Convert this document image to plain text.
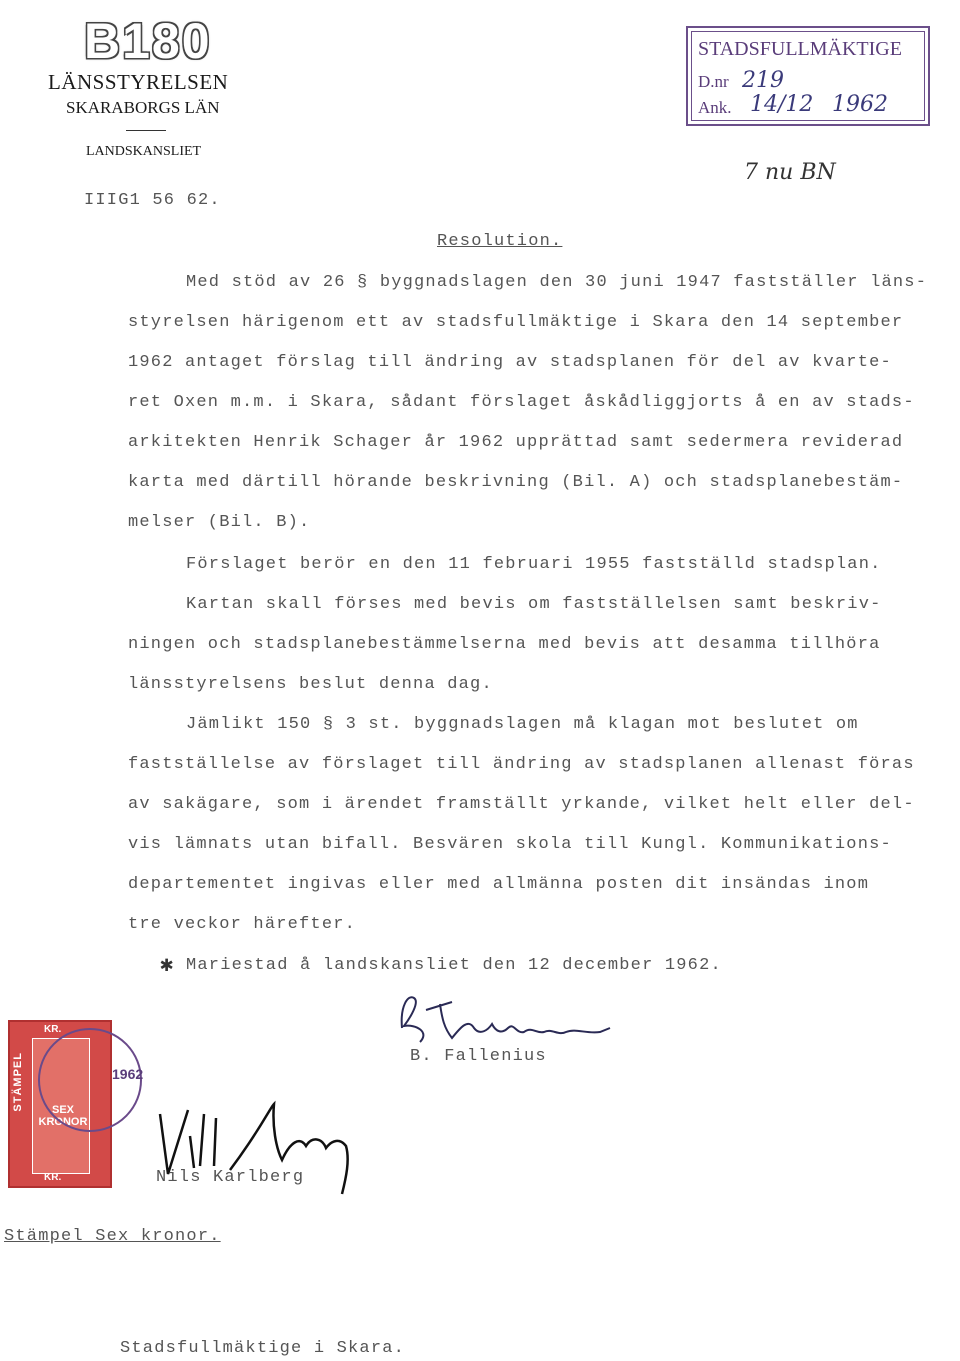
B180
LÄNSSTYRELSEN
SKARABORGS LÄN
LANDSKANSLIET
IIIG1 56 62.
STADSFULLMÄKTIGE
D.nr 219
Ank. 14/12 1962
7 nu BN
Resolution.
Med stöd av 26 § byggnadslagen den 30 juni 1947 fastställer läns-
styrelsen härigenom ett av stadsfullmäktige i Skara den 14 september
1962 antaget förslag till ändring av stadsplanen för del av kvarte-
ret Oxen m.m. i Skara, sådant förslaget åskådliggjorts å en av stads-
arkitekten Henrik Schager år 1962 upprättad samt sedermera reviderad
karta med därtill hörande beskrivning (Bil. A) och stadsplanebestäm-
melser (Bil. B).
Förslaget berör en den 11 februari 1955 fastställd stadsplan.
Kartan skall förses med bevis om fastställelsen samt beskriv-
ningen och stadsplanebestämmelserna med bevis att desamma tillhöra
länsstyrelsens beslut denna dag.
Jämlikt 150 § 3 st. byggnadslagen må klagan mot beslutet om
fastställelse av förslaget till ändring av stadsplanen allenast föras
av sakägare, som i ärendet framställt yrkande, vilket helt eller del-
vis lämnats utan bifall. Besvären skola till Kungl. Kommunikations-
departementet ingivas eller med allmänna posten dit insändas inom
tre veckor härefter.
✱ Mariestad å landskansliet den 12 december 1962.
B. Fallenius
KR.
STÄMPEL	SEX KRONOR
KR.
1962
Nils Karlberg
Stämpel Sex kronor.
Stadsfullmäktige i Skara.
